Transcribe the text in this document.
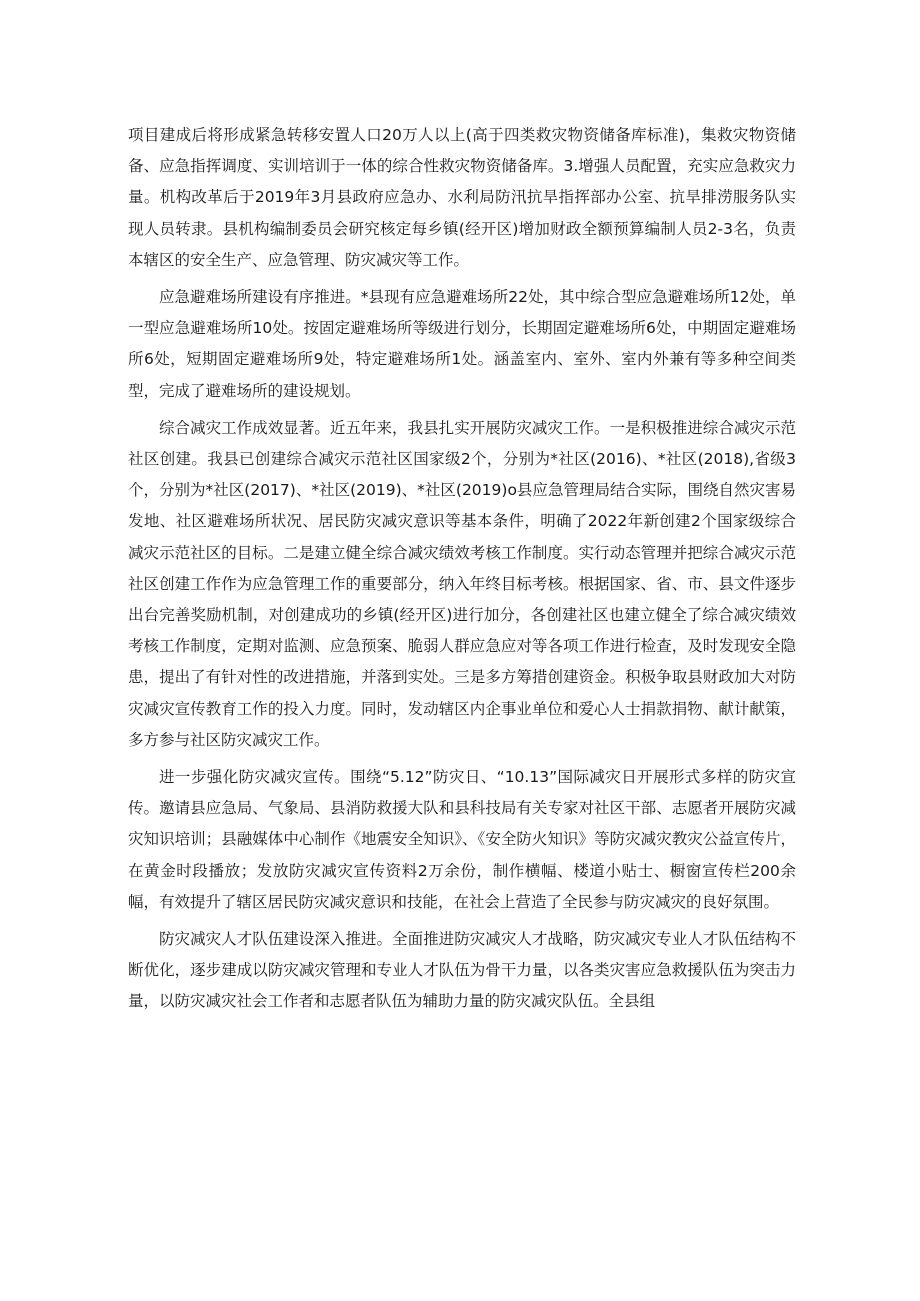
项目建成后将形成紧急转移安置人口20万人以上(高于四类救灾物资储备库标准)，集救灾物资储备、应急指挥调度、实训培训于一体的综合性救灾物资储备库。3.增强人员配置，充实应急救灾力量。机构改革后于2019年3月县政府应急办、水利局防汛抗旱指挥部办公室、抗旱排涝服务队实现人员转隶。县机构编制委员会研究核定每乡镇(经开区)增加财政全额预算编制人员2-3名，负责本辖区的安全生产、应急管理、防灾减灾等工作。

应急避难场所建设有序推进。*县现有应急避难场所22处，其中综合型应急避难场所12处，单一型应急避难场所10处。按固定避难场所等级进行划分，长期固定避难场所6处，中期固定避难场所6处，短期固定避难场所9处，特定避难场所1处。涵盖室内、室外、室内外兼有等多种空间类型，完成了避难场所的建设规划。

综合减灾工作成效显著。近五年来，我县扎实开展防灾减灾工作。一是积极推进综合减灾示范社区创建。我县已创建综合减灾示范社区国家级2个，分别为*社区(2016)、*社区(2018),省级3个，分别为*社区(2017)、*社区(2019)、*社区(2019)o县应急管理局结合实际，围绕自然灾害易发地、社区避难场所状况、居民防灾减灾意识等基本条件，明确了2022年新创建2个国家级综合减灾示范社区的目标。二是建立健全综合减灾绩效考核工作制度。实行动态管理并把综合减灾示范社区创建工作作为应急管理工作的重要部分，纳入年终目标考核。根据国家、省、市、县文件逐步出台完善奖励机制，对创建成功的乡镇(经开区)进行加分，各创建社区也建立健全了综合减灾绩效考核工作制度，定期对监测、应急预案、脆弱人群应急应对等各项工作进行检查，及时发现安全隐患，提出了有针对性的改进措施，并落到实处。三是多方筹措创建资金。积极争取县财政加大对防灾减灾宣传教育工作的投入力度。同时，发动辖区内企事业单位和爱心人士捐款捐物、献计献策，多方参与社区防灾减灾工作。

进一步强化防灾减灾宣传。围绕“5.12”防灾日、“10.13”国际减灾日开展形式多样的防灾宣传。邀请县应急局、气象局、县消防救援大队和县科技局有关专家对社区干部、志愿者开展防灾减灾知识培训；县融媒体中心制作《地震安全知识》、《安全防火知识》等防灾减灾教灾公益宣传片，在黄金时段播放；发放防灾减灾宣传资料2万余份，制作横幅、楼道小贴士、橱窗宣传栏200余幅，有效提升了辖区居民防灾减灾意识和技能，在社会上营造了全民参与防灾减灾的良好氛围。

防灾减灾人才队伍建设深入推进。全面推进防灾减灾人才战略，防灾减灾专业人才队伍结构不断优化，逐步建成以防灾减灾管理和专业人才队伍为骨干力量，以各类灾害应急救援队伍为突击力量，以防灾减灾社会工作者和志愿者队伍为辅助力量的防灾减灾队伍。全县组
